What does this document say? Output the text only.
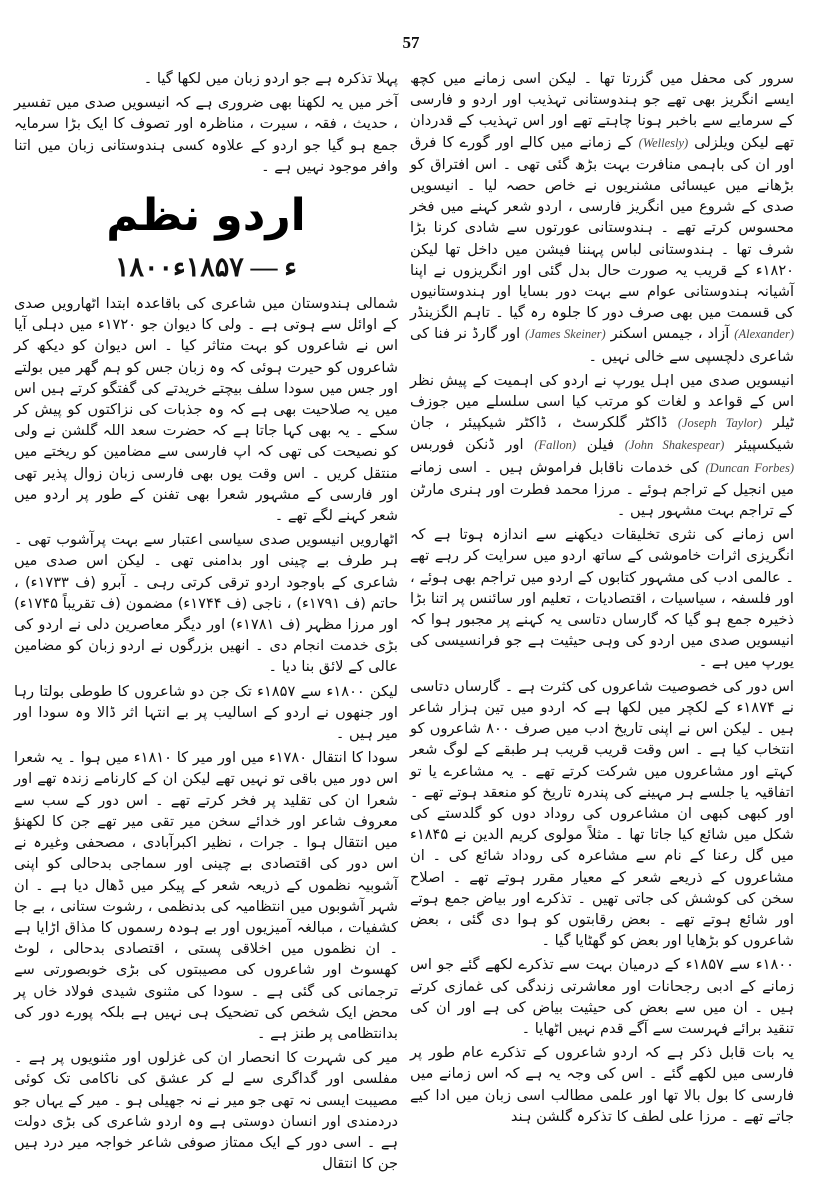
57

سرور کی محفل میں گزرتا تھا ۔ لیکن اسی زمانے میں کچھ ایسے انگریز بھی تھے جو ہندوستانی تہذیب اور اردو و فارسی کے سرمایے سے باخبر ہونا چاہتے تھے اور اس تہذیب کے قدردان تھے لیکن ویلزلی (Wellesly) کے زمانے میں کالے اور گورے کا فرق اور ان کی باہمی منافرت بہت بڑھ گئی تھی ۔ اس افتراق کو بڑھانے میں عیسائی مشنریوں نے خاص حصہ لیا ۔ انیسویں صدی کے شروع میں انگریز فارسی ، اردو شعر کہنے میں فخر محسوس کرتے تھے ۔ ہندوستانی عورتوں سے شادی کرنا بڑا شرف تھا ۔ ہندوستانی لباس پہننا فیشن میں داخل تھا لیکن ۱۸۲۰ء کے قریب یہ صورت حال بدل گئی اور انگریزوں نے اپنا آشیانہ ہندوستانی عوام سے بہت دور بسایا اور ہندوستانیوں کی قسمت میں بھی صرف دور کا جلوہ رہ گیا ۔ تاہم الگزینڈر (Alexander) آزاد ، جیمس اسکنر (James Skeiner) اور گارڈ نر فنا کی شاعری دلچسپی سے خالی نہیں ۔

انیسویں صدی میں اہل یورپ نے اردو کی اہمیت کے پیش نظر اس کے قواعد و لغات کو مرتب کیا اسی سلسلے میں جوزف ٹیلر (Joseph Taylor) ڈاکٹر گلکرسٹ ، ڈاکٹر شیکپیئر ، جان شیکسپیئر (John Shakespear) فیلن (Fallon) اور ڈنکن فوربس (Duncan Forbes) کی خدمات ناقابل فراموش ہیں ۔ اسی زمانے میں انجیل کے تراجم ہوئے ۔ مرزا محمد فطرت اور ہنری مارٹن کے تراجم بہت مشہور ہیں ۔

اس زمانے کی نثری تخلیقات دیکھنے سے اندازہ ہوتا ہے کہ انگریزی اثرات خاموشی کے ساتھ اردو میں سرایت کر رہے تھے ۔ عالمی ادب کی مشہور کتابوں کے اردو میں تراجم بھی ہوئے ، اور فلسفہ ، سیاسیات ، اقتصادیات ، تعلیم اور سائنس پر اتنا بڑا ذخیرہ جمع ہو گیا کہ گارساں دتاسی یہ کہنے پر مجبور ہوا کہ انیسویں صدی میں اردو کی وہی حیثیت ہے جو فرانسیسی کی یورپ میں ہے ۔

اس دور کی خصوصیت شاعروں کی کثرت ہے ۔ گارساں دتاسی نے ۱۸۷۴ء کے لکچر میں لکھا ہے کہ اردو میں تین ہزار شاعر ہیں ۔ لیکن اس نے اپنی تاریخ ادب میں صرف ۸۰۰ شاعروں کو انتخاب کیا ہے ۔ اس وقت قریب قریب ہر طبقے کے لوگ شعر کہتے اور مشاعروں میں شرکت کرتے تھے ۔ یہ مشاعرے یا تو اتفاقیہ یا جلسے ہر مہینے کی پندرہ تاریخ کو منعقد ہوتے تھے ۔ اور کبھی کبھی ان مشاعروں کی روداد دوں کو گلدستے کی شکل میں شائع کیا جاتا تھا ۔ مثلاً مولوی کریم الدین نے ۱۸۴۵ء میں گل رعنا کے نام سے مشاعرہ کی روداد شائع کی ۔ ان مشاعروں کے ذریعے شعر کے معیار مقرر ہوتے تھے ۔ اصلاح سخن کی کوشش کی جاتی تھیں ۔ تذکرے اور بیاض جمع ہوتے اور شائع ہوتے تھے ۔ بعض رقابتوں کو ہوا دی گئی ، بعض شاعروں کو بڑھایا اور بعض کو گھٹایا گیا ۔

۱۸۰۰ء سے ۱۸۵۷ء کے درمیان بہت سے تذکرے لکھے گئے جو اس زمانے کے ادبی رجحانات اور معاشرتی زندگی کی غمازی کرتے ہیں ۔ ان میں سے بعض کی حیثیت بیاض کی ہے اور ان کی تنقید برائے فہرست سے آگے قدم نہیں اٹھایا ۔

یہ بات قابل ذکر ہے کہ اردو شاعروں کے تذکرے عام طور پر فارسی میں لکھے گئے ۔ اس کی وجہ یہ ہے کہ اس زمانے میں فارسی کا بول بالا تھا اور علمی مطالب اسی زبان میں ادا کیے جاتے تھے ۔ مرزا علی لطف کا تذکرہ گلشن ہند

پہلا تذکرہ ہے جو اردو زبان میں لکھا گیا ۔

آخر میں یہ لکھنا بھی ضروری ہے کہ انیسویں صدی میں تفسیر ، حدیث ، فقہ ، سیرت ، مناظرہ اور تصوف کا ایک بڑا سرمایہ جمع ہو گیا جو اردو کے علاوہ کسی ہندوستانی زبان میں اتنا وافر موجود نہیں ہے ۔

اردو نظم
۱۸۰۰ء — ۱۸۵۷ء

شمالی ہندوستان میں شاعری کی باقاعدہ ابتدا اٹھارویں صدی کے اوائل سے ہوتی ہے ۔ ولی کا دیوان جو ۱۷۲۰ء میں دہلی آیا اس نے شاعروں کو بہت متاثر کیا ۔ اس دیوان کو دیکھ کر شاعروں کو حیرت ہوئی کہ وہ زبان جس کو ہم گھر میں بولتے اور جس میں سودا سلف بیچتے خریدتے کی گفتگو کرتے ہیں اس میں یہ صلاحیت بھی ہے کہ وہ جذبات کی نزاکتوں کو پیش کر سکے ۔ یہ بھی کہا جاتا ہے کہ حضرت سعد اللہ گلشن نے ولی کو نصیحت کی تھی کہ اپ فارسی سے مضامین کو ریختے میں منتقل کریں ۔ اس وقت یوں بھی فارسی زبان زوال پذیر تھی اور فارسی کے مشہور شعرا بھی تفنن کے طور پر اردو میں شعر کہنے لگے تھے ۔

اٹھارویں انیسویں صدی سیاسی اعتبار سے بہت پرآشوب تھی ۔ ہر طرف بے چینی اور بدامنی تھی ۔ لیکن اس صدی میں شاعری کے باوجود اردو ترقی کرتی رہی ۔ آبرو (ف ۱۷۳۳ء) ، حاتم (ف ۱۷۹۱ء) ، ناجی (ف ۱۷۴۴ء) مضمون (ف تقریباً ۱۷۴۵ء) اور مرزا مظہر (ف ۱۷۸۱ء) اور دیگر معاصرین دلی نے اردو کی بڑی خدمت انجام دی ۔ انھیں بزرگوں نے اردو زبان کو مضامین عالی کے لائق بنا دیا ۔

لیکن ۱۸۰۰ء سے ۱۸۵۷ء تک جن دو شاعروں کا طوطی بولتا رہا اور جنھوں نے اردو کے اسالیب پر بے انتہا اثر ڈالا وہ سودا اور میر ہیں ۔

سودا کا انتقال ۱۷۸۰ء میں اور میر کا ۱۸۱۰ء میں ہوا ۔ یہ شعرا اس دور میں باقی تو نہیں تھے لیکن ان کے کارنامے زندہ تھے اور شعرا ان کی تقلید پر فخر کرتے تھے ۔ اس دور کے سب سے معروف شاعر اور خدائے سخن میر تقی میر تھے جن کا لکھنؤ میں انتقال ہوا ۔ جرات ، نظیر اکبرآبادی ، مصحفی وغیرہ نے اس دور کی اقتصادی بے چینی اور سماجی بدحالی کو اپنی آشوبیہ نظموں کے ذریعہ شعر کے پیکر میں ڈھال دیا ہے ۔ ان شہر آشوبوں میں انتظامیہ کی بدنظمی ، رشوت ستانی ، بے جا کشفیات ، مبالغہ آمیزیوں اور بے ہودہ رسموں کا مذاق اڑایا ہے ۔ ان نظموں میں اخلاقی پستی ، اقتصادی بدحالی ، لوٹ کھسوٹ اور شاعروں کی مصیبتوں کی بڑی خوبصورتی سے ترجمانی کی گئی ہے ۔ سودا کی مثنوی شیدی فولاد خاں پر محض ایک شخص کی تضحیک ہی نہیں ہے بلکہ پورے دور کی بدانتظامی پر طنز ہے ۔

میر کی شہرت کا انحصار ان کی غزلوں اور مثنویوں پر ہے ۔ مفلسی اور گداگری سے لے کر عشق کی ناکامی تک کوئی مصیبت ایسی نہ تھی جو میر نے نہ جھیلی ہو ۔ میر کے یہاں جو دردمندی اور انسان دوستی ہے وہ اردو شاعری کی بڑی دولت ہے ۔ اسی دور کے ایک ممتاز صوفی شاعر خواجہ میر درد ہیں جن کا انتقال
